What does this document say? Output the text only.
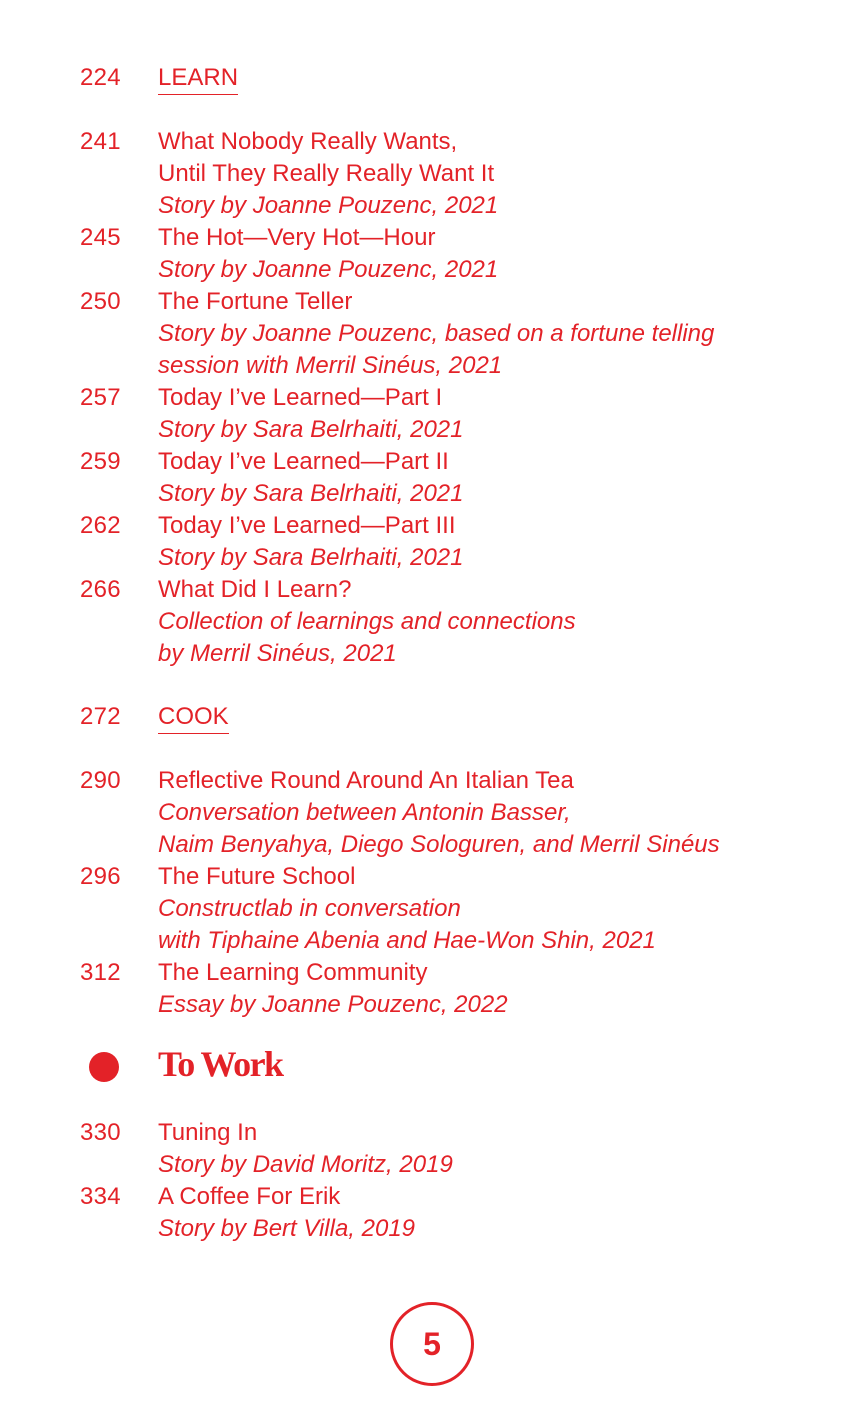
224	LEARN
241	What Nobody Really Wants,
Until They Really Really Want It
Story by Joanne Pouzenc, 2021
245	The Hot—Very Hot—Hour
Story by Joanne Pouzenc, 2021
250	The Fortune Teller
Story by Joanne Pouzenc, based on a fortune telling
session with Merril Sinéus, 2021
257	Today I’ve Learned—Part I
Story by Sara Belrhaiti, 2021
259	Today I’ve Learned—Part II
Story by Sara Belrhaiti, 2021
262	Today I’ve Learned—Part III
Story by Sara Belrhaiti, 2021
266	What Did I Learn?
Collection of learnings and connections
by Merril Sinéus, 2021
272	COOK
290	Reflective Round Around An Italian Tea
Conversation between Antonin Basser,
Naim Benyahya, Diego Sologuren, and Merril Sinéus
296	The Future School
Constructlab in conversation
with Tiphaine Abenia and Hae-Won Shin, 2021
312	The Learning Community
Essay by Joanne Pouzenc, 2022
To Work
330	Tuning In
Story by David Moritz, 2019
334	A Coffee For Erik
Story by Bert Villa, 2019
5
